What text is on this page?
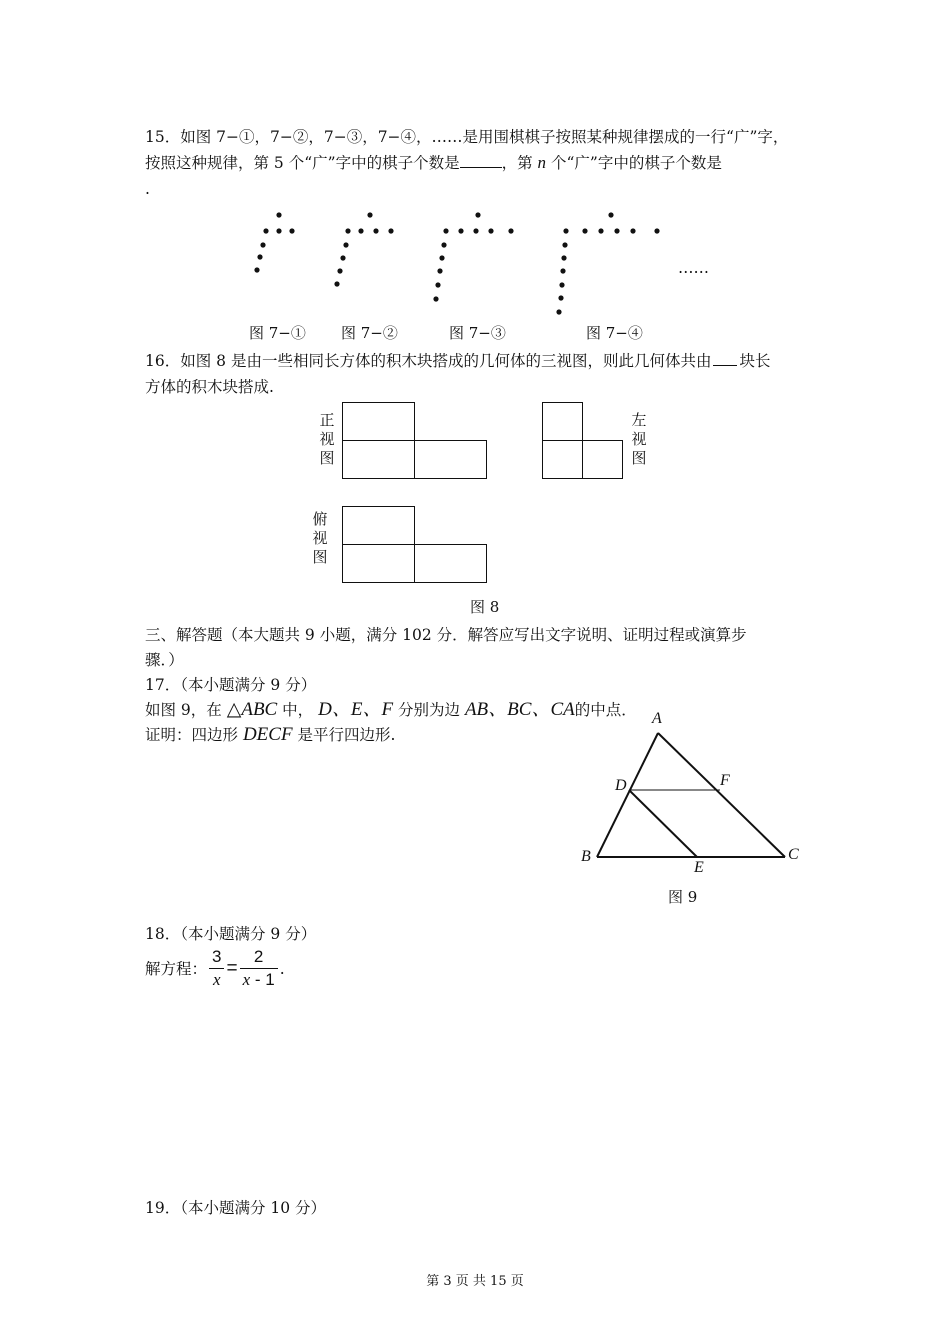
15．如图 7−①，7−②，7−③，7−④，……是用围棋棋子按照某种规律摆成的一行“广”字，
按照这种规律，第 5 个“广”字中的棋子个数是	，第 n 个“广”字中的棋子个数是
.
……
图 7−① 图 7−②	图 7−③	图 7−④
16．如图 8 是由一些相同长方体的积木块搭成的几何体的三视图，则此几何体共由 块长
方体的积木块搭成.
正视图
左视图
俯视图
图 8
三、解答题（本大题共 9 小题，满分 102 分．解答应写出文字说明、证明过程或演算步
骤．）
17．（本小题满分 9 分）
如图 9，在 △ABC 中， D、E、F 分别为边 AB、BC、CA的中点．
证明：四边形 DECF 是平行四边形.
A
B	C
D
E
F
图 9
18．（本小题满分 9 分）
解方程： $\frac{3}{x} = \frac{2}{x - 1}$ .
19．（本小题满分 10 分）
第 3 页 共 15 页
